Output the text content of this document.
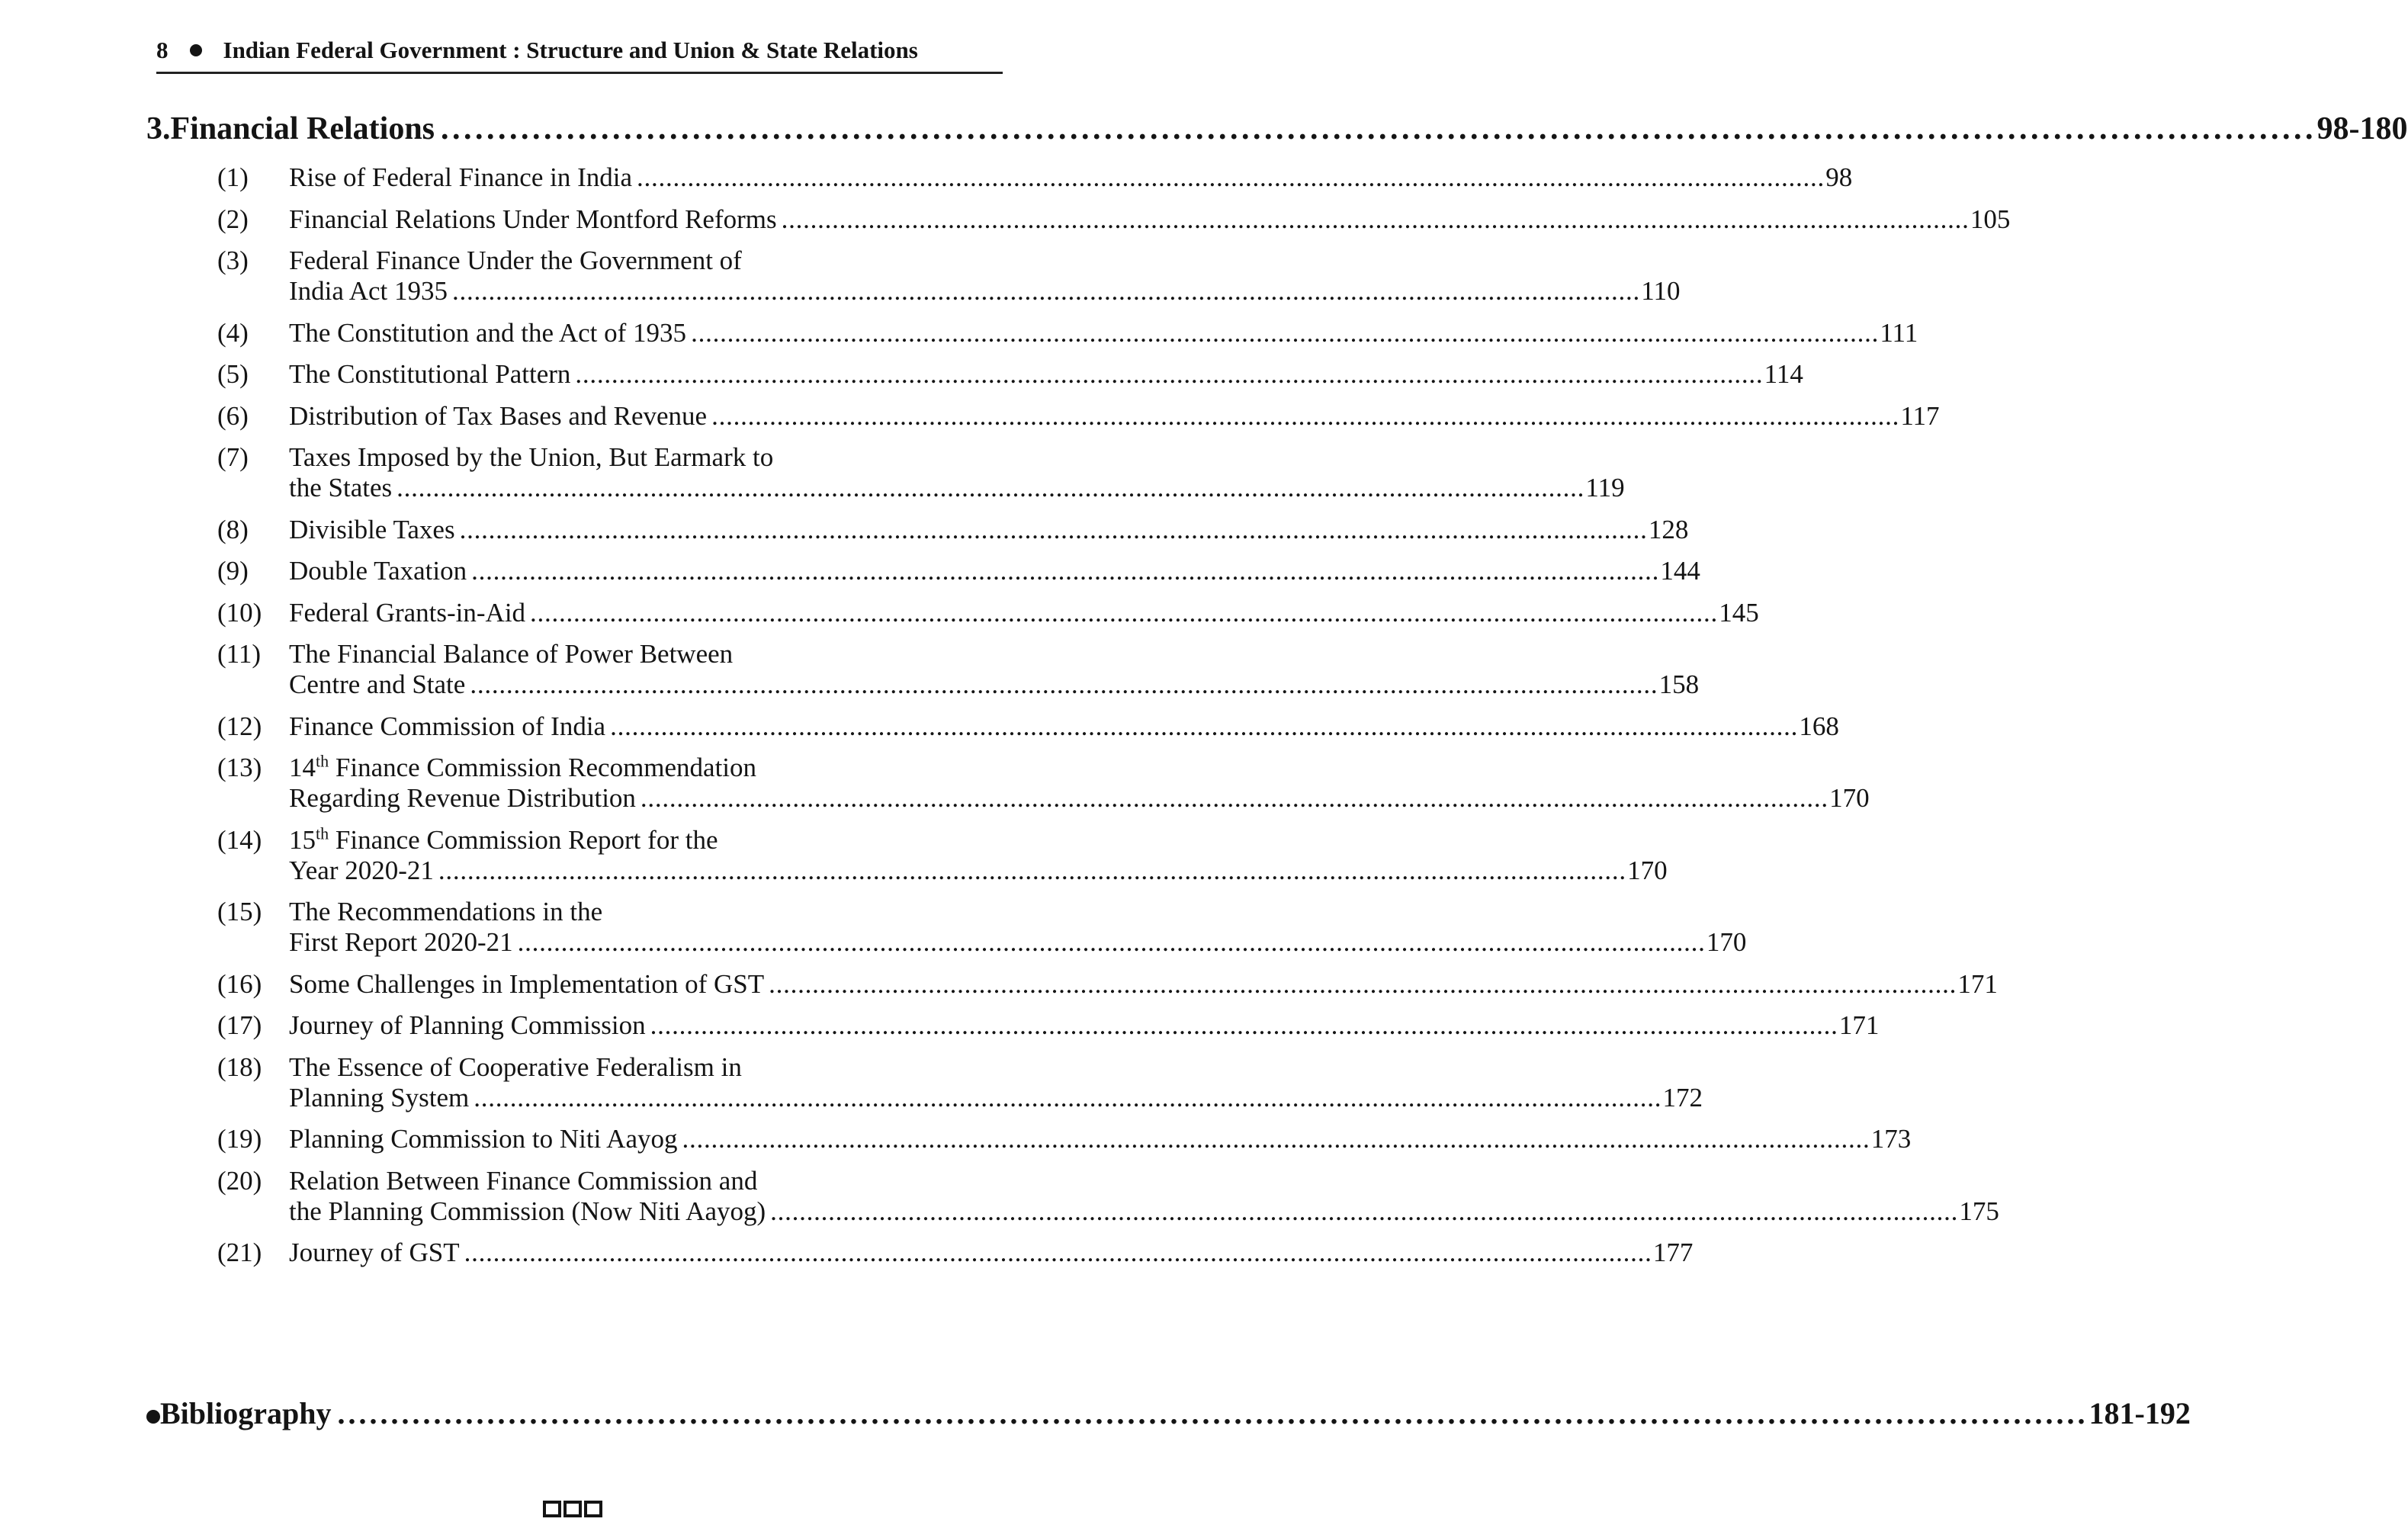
8 Indian Federal Government : Structure and Union & State Relations
3. Financial Relations . . .	98-180
(1)	Rise of Federal Finance in India . . .	98
(2)	Financial Relations Under Montford Reforms . . .	105
(3)	Federal Finance Under the Government of
India Act 1935 . . .	110
(4)	The Constitution and the Act of 1935 . . .	111
(5)	The Constitutional Pattern . . .	114
(6)	Distribution of Tax Bases and Revenue . . .	117
(7)	Taxes Imposed by the Union, But Earmark to
the States . . .	119
(8)	Divisible Taxes . . .	128
(9)	Double Taxation . . .	144
(10)	Federal Grants-in-Aid . . .	145
(11)	The Financial Balance of Power Between
Centre and State . . .	158
(12)	Finance Commission of India . . .	168
(13)	14th Finance Commission Recommendation
Regarding Revenue Distribution . . .	170
(14)	15th Finance Commission Report for the
Year 2020-21 . . .	170
(15)	The Recommendations in the
First Report 2020-21 . . .	170
(16)	Some Challenges in Implementation of GST . . .	171
(17)	Journey of Planning Commission . . .	171
(18)	The Essence of Cooperative Federalism in
Planning System . . .	172
(19)	Planning Commission to Niti Aayog . . .	173
(20)	Relation Between Finance Commission and
the Planning Commission (Now Niti Aayog) . . .	175
(21)	Journey of GST . . .	177
Bibliography . . .	181-192
